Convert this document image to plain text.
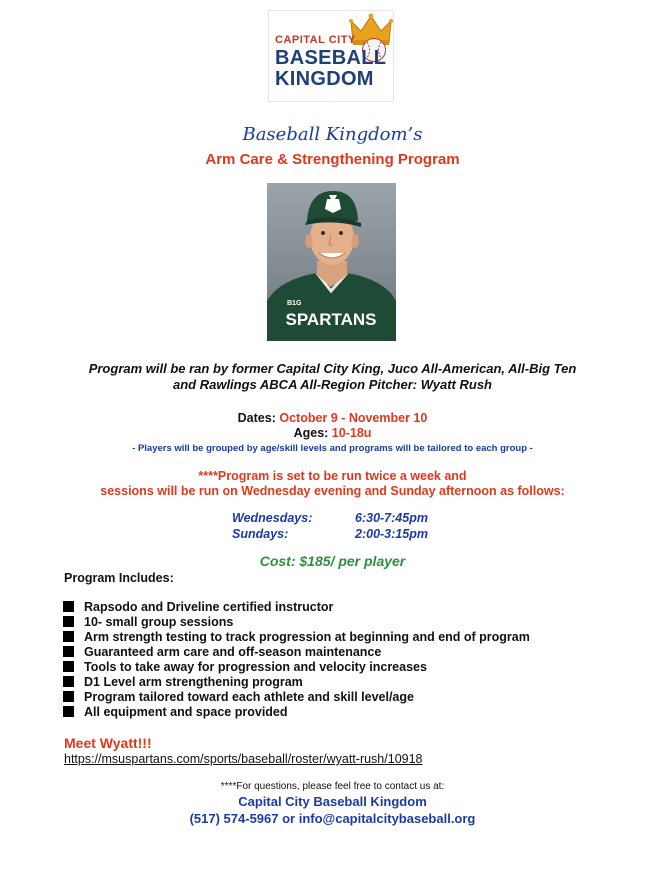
CAPITAL CITY
BASEBALL
KINGDOM
Baseball Kingdom’s
Arm Care & Strengthening Program
SPARTANS
B1G
Program will be ran by former Capital City King, Juco All-American, All-Big Ten
and Rawlings ABCA All-Region Pitcher: Wyatt Rush
Dates: October 9 - November 10
Ages: 10-18u
- Players will be grouped by age/skill levels and programs will be tailored to each group -
****Program is set to be run twice a week and
sessions will be run on Wednesday evening and Sunday afternoon as follows:
Wednesdays:	6:30-7:45pm
Sundays:	2:00-3:15pm
Cost: $185/ per player
Program Includes:
Rapsodo and Driveline certified instructor
10- small group sessions
Arm strength testing to track progression at beginning and end of program
Guaranteed arm care and off-season maintenance
Tools to take away for progression and velocity increases
D1 Level arm strengthening program
Program tailored toward each athlete and skill level/age
All equipment and space provided
Meet Wyatt!!!
https://msuspartans.com/sports/baseball/roster/wyatt-rush/10918
****For questions, please feel free to contact us at:
Capital City Baseball Kingdom
(517) 574-5967 or info@capitalcitybaseball.org
